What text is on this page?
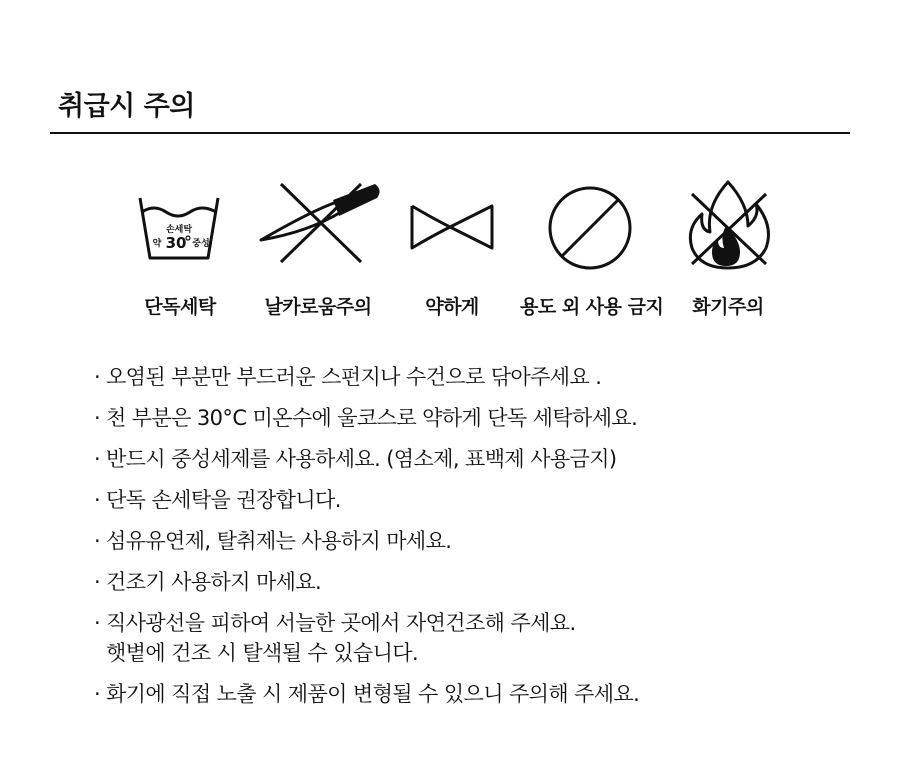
취급시 주의
손세탁
약 30 중성
단독세탁	날카로움주의	약하게	용도 외 사용 금지	화기주의
· 오염된 부분만 부드러운 스펀지나 수건으로 닦아주세요 .
· 천 부분은 30°C 미온수에 울코스로 약하게 단독 세탁하세요.
· 반드시 중성세제를 사용하세요. (염소제, 표백제 사용금지)
· 단독 손세탁을 권장합니다.
· 섬유유연제, 탈취제는 사용하지 마세요.
· 건조기 사용하지 마세요.
· 직사광선을 피하여 서늘한 곳에서 자연건조해 주세요.
햇볕에 건조 시 탈색될 수 있습니다.
· 화기에 직접 노출 시 제품이 변형될 수 있으니 주의해 주세요.
